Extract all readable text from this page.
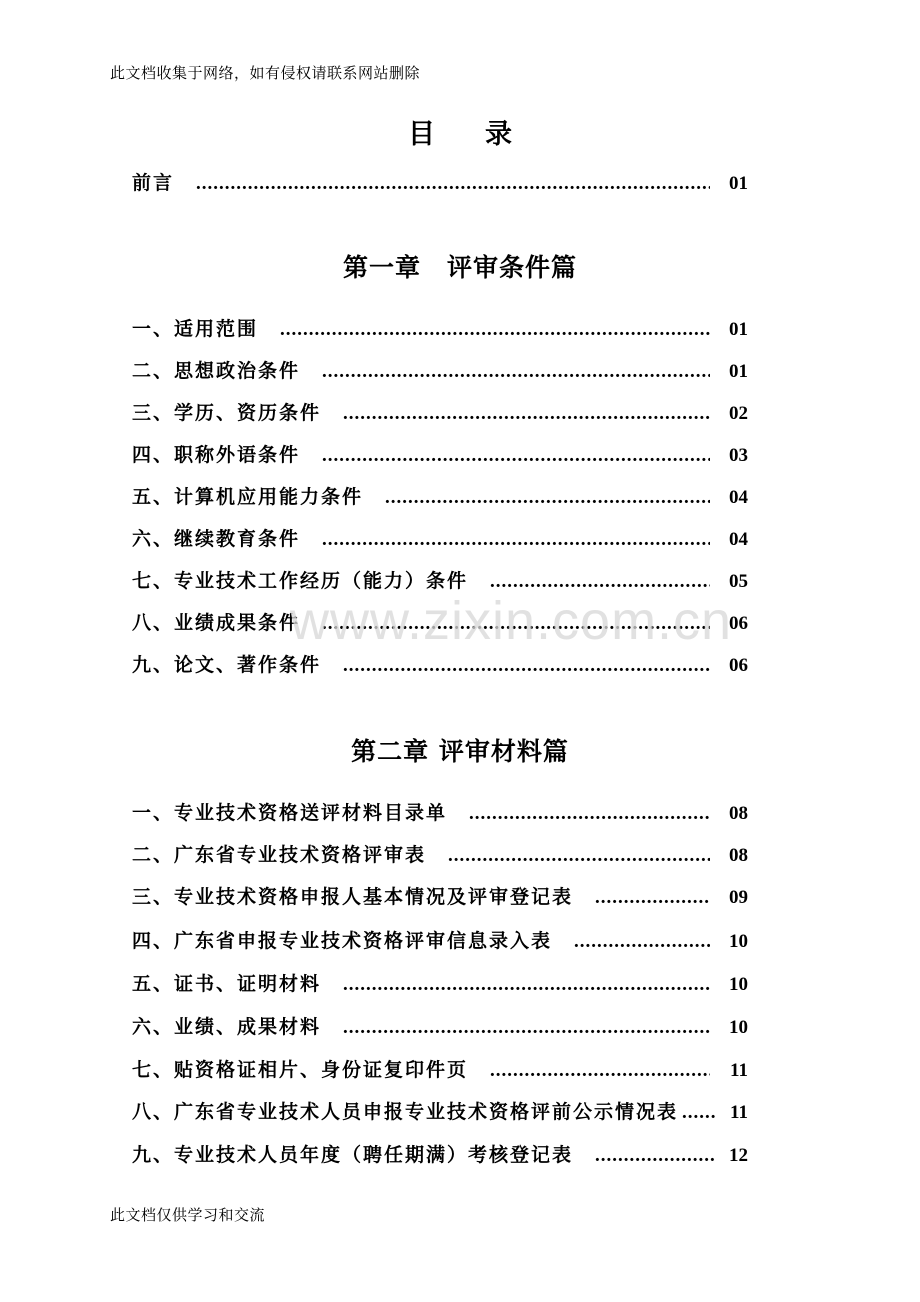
此文档收集于网络，如有侵权请联系网站删除
目录
前言 .....	01
第一章　评审条件篇
一、适用范围 .....	01
二、思想政治条件 .....	01
三、学历、资历条件 .....	02
四、职称外语条件 .....	03
五、计算机应用能力条件 .....	04
六、继续教育条件 .....	04
七、专业技术工作经历（能力）条件 .....	05
八、业绩成果条件 .....	06
九、论文、著作条件 .....	06
www.zixin.com.cn
第二章 评审材料篇
一、专业技术资格送评材料目录单 .....	08
二、广东省专业技术资格评审表 .....	08
三、专业技术资格申报人基本情况及评审登记表 .....	09
四、广东省申报专业技术资格评审信息录入表 .....	10
五、证书、证明材料 .....	10
六、业绩、成果材料 .....	10
七、贴资格证相片、身份证复印件页 .....	11
八、广东省专业技术人员申报专业技术资格评前公示情况表 .....	11
九、专业技术人员年度（聘任期满）考核登记表 .....	12
此文档仅供学习和交流
